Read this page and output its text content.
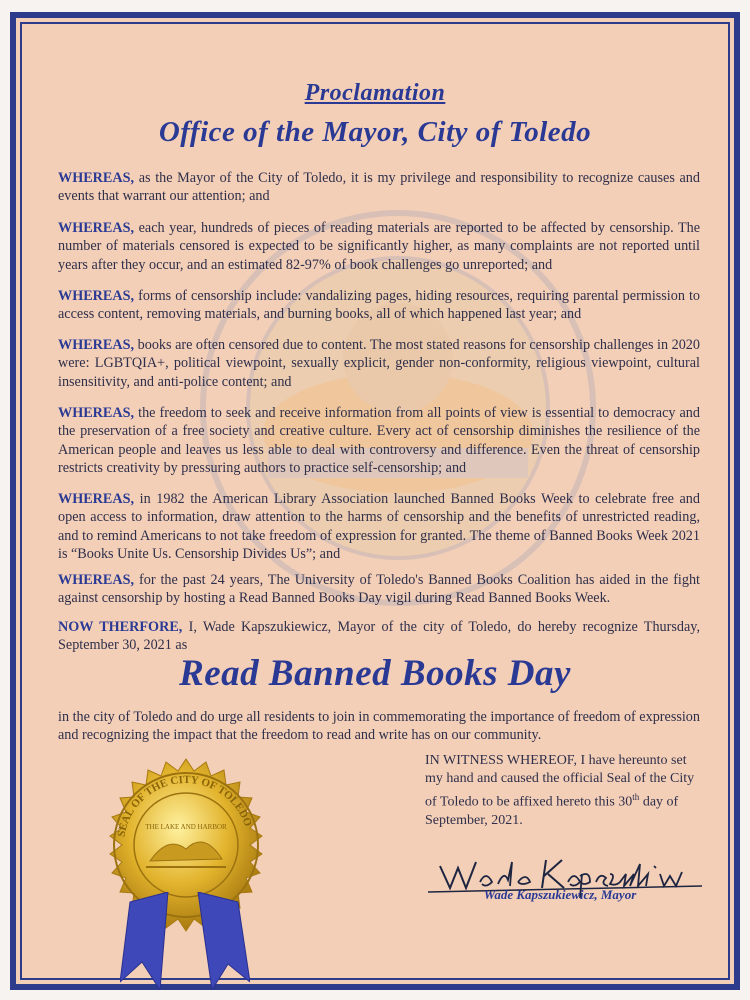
Proclamation
Office of the Mayor, City of Toledo
WHEREAS, as the Mayor of the City of Toledo, it is my privilege and responsibility to recognize causes and events that warrant our attention; and
WHEREAS, each year, hundreds of pieces of reading materials are reported to be affected by censorship. The number of materials censored is expected to be significantly higher, as many complaints are not reported until years after they occur, and an estimated 82-97% of book challenges go unreported; and
WHEREAS, forms of censorship include: vandalizing pages, hiding resources, requiring parental permission to access content, removing materials, and burning books, all of which happened last year; and
WHEREAS, books are often censored due to content. The most stated reasons for censorship challenges in 2020 were: LGBTQIA+, political viewpoint, sexually explicit, gender non-conformity, religious viewpoint, cultural insensitivity, and anti-police content; and
WHEREAS, the freedom to seek and receive information from all points of view is essential to democracy and the preservation of a free society and creative culture. Every act of censorship diminishes the resilience of the American people and leaves us less able to deal with controversy and difference. Even the threat of censorship restricts creativity by pressuring authors to practice self-censorship; and
WHEREAS, in 1982 the American Library Association launched Banned Books Week to celebrate free and open access to information, draw attention to the harms of censorship and the benefits of unrestricted reading, and to remind Americans to not take freedom of expression for granted. The theme of Banned Books Week 2021 is “Books Unite Us. Censorship Divides Us”; and
WHEREAS, for the past 24 years, The University of Toledo's Banned Books Coalition has aided in the fight against censorship by hosting a Read Banned Books Day vigil during Read Banned Books Week.
NOW THERFORE, I, Wade Kapszukiewicz, Mayor of the city of Toledo, do hereby recognize Thursday, September 30, 2021 as
Read Banned Books Day
in the city of Toledo and do urge all residents to join in commemorating the importance of freedom of expression and recognizing the impact that the freedom to read and write has on our community.
IN WITNESS WHEREOF, I have hereunto set my hand and caused the official Seal of the City of Toledo to be affixed hereto this 30th day of September, 2021.
Wade Kapszukiewicz, Mayor
SEAL OF THE CITY OF TOLEDO
THE LAKE AND HARBOR
